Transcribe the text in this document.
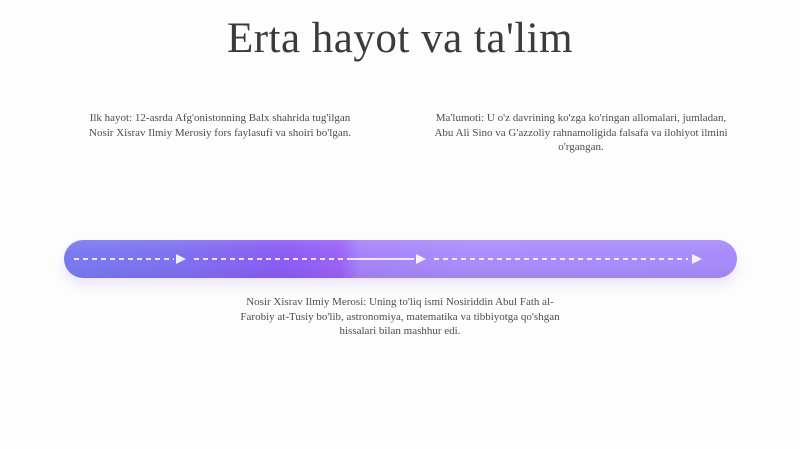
Erta hayot va ta'lim
Ilk hayot: 12-asrda Afg'onistonning Balx shahrida tug'ilgan
Nosir Xisrav Ilmiy Merosiy fors faylasufi va shoiri bo'lgan.
Ma'lumoti: U o'z davrining ko'zga ko'ringan allomalari, jumladan,
Abu Ali Sino va G'azzoliy rahnamoligida falsafa va ilohiyot ilmini
o'rgangan.
Nosir Xisrav Ilmiy Merosi: Uning to'liq ismi Nosiriddin Abul Fath al-
Farobiy at-Tusiy bo'lib, astronomiya, matematika va tibbiyotga qo'shgan
hissalari bilan mashhur edi.
